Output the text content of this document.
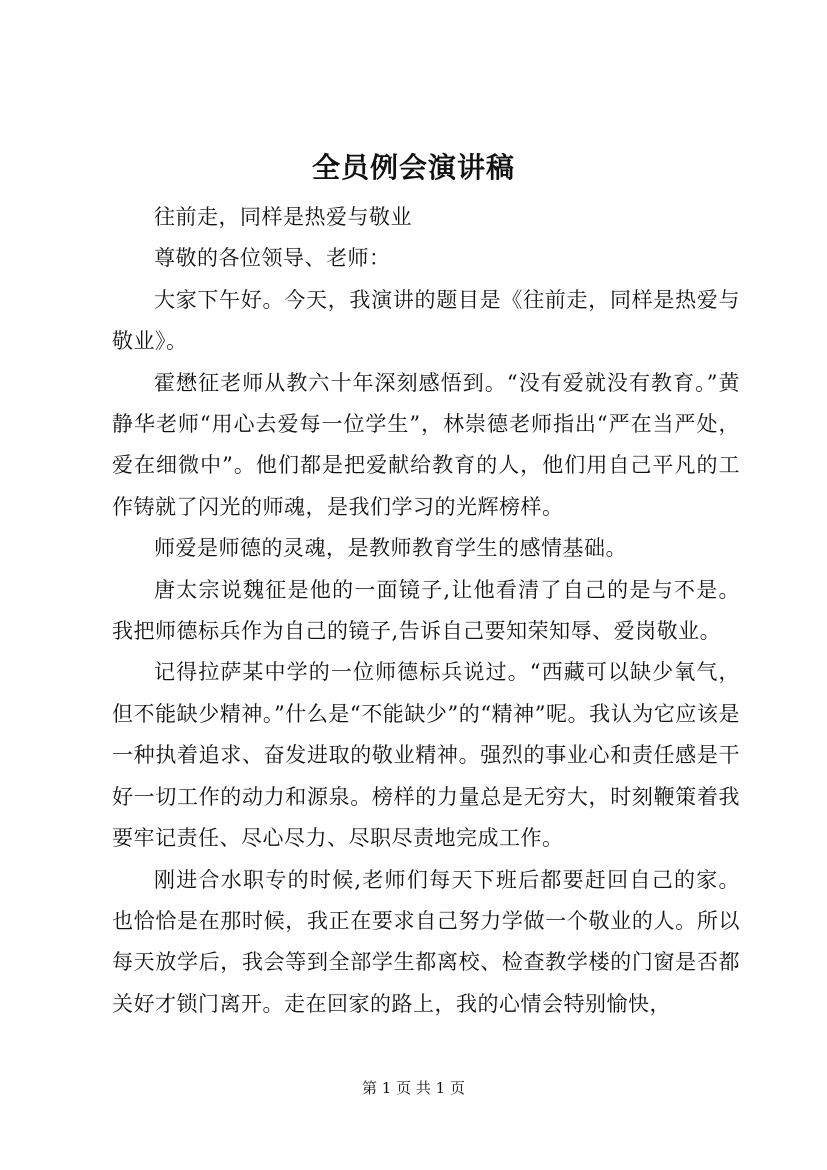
全员例会演讲稿

往前走，同样是热爱与敬业

尊敬的各位领导、老师：

大家下午好。今天，我演讲的题目是《往前走，同样是热爱与敬业》。

霍懋征老师从教六十年深刻感悟到。“没有爱就没有教育。”黄静华老师“用心去爱每一位学生”，林崇德老师指出“严在当严处，爱在细微中”。他们都是把爱献给教育的人，他们用自己平凡的工作铸就了闪光的师魂，是我们学习的光辉榜样。

师爱是师德的灵魂，是教师教育学生的感情基础。

唐太宗说魏征是他的一面镜子,让他看清了自己的是与不是。我把师德标兵作为自己的镜子,告诉自己要知荣知辱、爱岗敬业。

记得拉萨某中学的一位师德标兵说过。“西藏可以缺少氧气，但不能缺少精神。”什么是“不能缺少”的“精神”呢。我认为它应该是一种执着追求、奋发进取的敬业精神。强烈的事业心和责任感是干好一切工作的动力和源泉。榜样的力量总是无穷大，时刻鞭策着我要牢记责任、尽心尽力、尽职尽责地完成工作。

刚进合水职专的时候,老师们每天下班后都要赶回自己的家。也恰恰是在那时候，我正在要求自己努力学做一个敬业的人。所以每天放学后，我会等到全部学生都离校、检查教学楼的门窗是否都关好才锁门离开。走在回家的路上，我的心情会特别愉快，

第 1 页 共 1 页
